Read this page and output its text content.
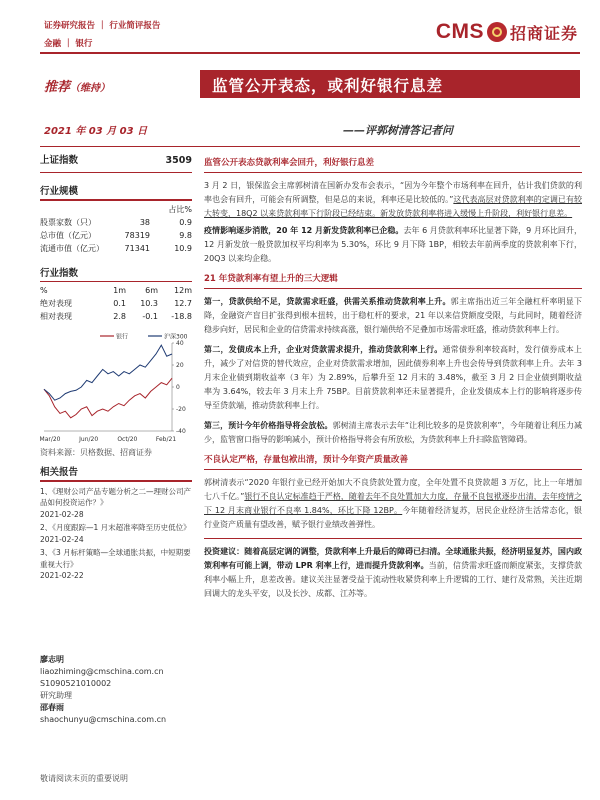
证券研究报告 ｜ 行业简评报告
金融 ｜ 银行
CMS 招商证券
推荐（维持）	监管公开表态，或利好银行息差
2021 年 03 月 03 日	——评郭树清答记者问
上证指数	3509
行业规模
占比%
股票家数（只）	38	0.9
总市值（亿元）	78319	9.8
流通市值（亿元）	71341	10.9
行业指数
%	1m	6m	12m
绝对表现	0.1	10.3	12.7
相对表现	2.8	-0.1	-18.8
银行	沪深300
40
20
0
-20
-40
Mar/20	Jun/20	Oct/20	Feb/21
资料来源：贝格数据、招商证券
相关报告
1、《理财公司产品专题分析之二—理财公司产品如何投资运作？》
2021-02-28
2、《月度跟踪—1 月末超准率降至历史低位》
2021-02-24
3、《3 月标杆策略—全球通胀共振，中短期要重视大行》
2021-02-22
廖志明
liaozhiming@cmschina.com.cn
S1090521010002
研究助理
邵春雨
shaochunyu@cmschina.com.cn
监管公开表态贷款利率会回升，利好银行息差

3 月 2 日，银保监会主席郭树清在国新办发布会表示，“因为今年整个市场利率在回升，估计我们贷款的利率也会有回升，可能会有所调整，但是总的来说，利率还是比较低的。”这代表高层对贷款利率的定调已有较大转变，18Q2 以来贷款利率下行阶段已经结束。新发放贷款利率将进入缓慢上升阶段，利好银行息差。

疫情影响逐步消散，20 年 12 月新发贷款利率已企稳。去年 6 月贷款利率环比显著下降，9 月环比回升，12 月新发放一般贷款加权平均利率为 5.30%，环比 9 月下降 1BP，相较去年前两季度的贷款利率下行，20Q3 以来均企稳。

21 年贷款利率有望上升的三大逻辑

第一，贷款供给不足，贷款需求旺盛，供需关系推动贷款利率上升。郭主席指出近三年全融杠杆率明显下降，金融资产盲目扩张得到根本扭转，出于稳杠杆的要求，21 年以来信贷额度受限，与此同时，随着经济稳步向好，居民和企业的信贷需求持续高涨，银行端供给不足叠加市场需求旺盛，推动贷款利率上行。

第二，发债成本上升，企业对贷款需求提升，推动贷款利率上行。通常债券利率较高时，发行债券成本上升，减少了对信贷的替代效应，企业对贷款需求增加，因此债券利率上升也会传导到贷款利率上升。去年 3 月末企业债到期收益率（3 年）为 2.89%，后攀升至 12 月末的 3.48%，截至 3 月 2 日企业债到期收益率为 3.64%，较去年 3 月末上升 75BP。目前贷款利率还未显著提升，企业发债成本上行的影响将逐步传导至贷款端，推动贷款利率上行。

第三，预计今年价格指导将会放松。郭树清主席表示去年“让利比较多的是贷款利率”，今年随着让利压力减少，监管窗口指导的影响减小，预计价格指导将会有所放松，为贷款利率上升扫除监管障碍。

不良认定严格，存量包袱出清，预计今年资产质量改善

郭树清表示“2020 年银行业已经开始加大不良贷款处置力度，全年处置不良贷款超 3 万亿，比上一年增加七八千亿。”银行不良认定标准趋于严格，随着去年不良处置加大力度，存量不良包袱逐步出清，去年疫情之下 12 月末商业银行不良率 1.84%，环比下降 12BP。今年随着经济复苏，居民企业经济生活常态化，银行业资产质量有望改善，赋予银行业绩改善弹性。

投资建议：随着高层定调的调整，贷款利率上升最后的障碍已扫清。全球通胀共振，经济明显复苏，国内政策利率有可能上调，带动 LPR 利率上行，进而提升贷款利率。当前，信贷需求旺盛而额度紧张，支撑贷款利率小幅上升，息差改善。建议关注显著受益于流动性收紧贷利率上升逻辑的工行、建行及常熟，关注近期回调大的龙头平安，以及长沙、成都、江苏等。

敬请阅读末页的重要说明
